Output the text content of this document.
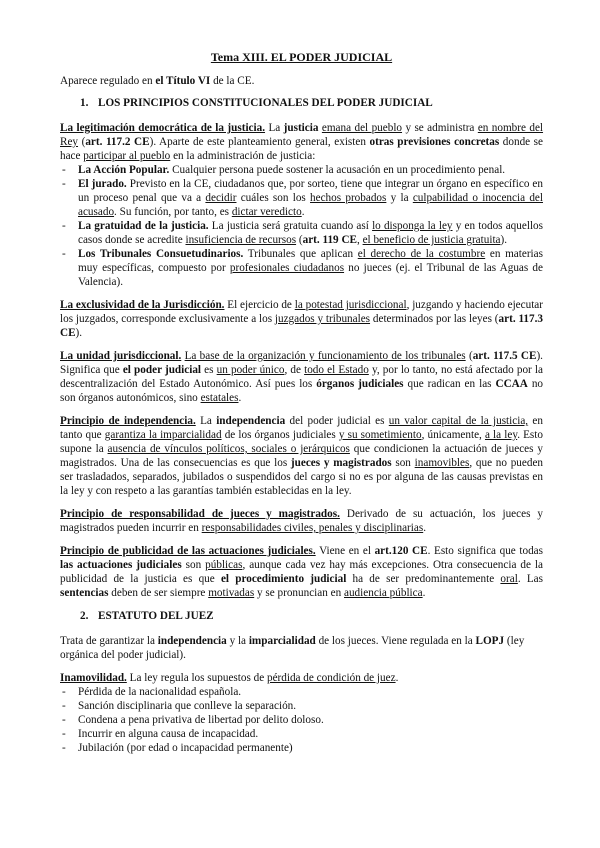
Tema XIII. EL PODER JUDICIAL

Aparece regulado en el Título VI de la CE.

1. LOS PRINCIPIOS CONSTITUCIONALES DEL PODER JUDICIAL

La legitimación democrática de la justicia. La justicia emana del pueblo y se administra en nombre del Rey (art. 117.2 CE). Aparte de este planteamiento general, existen otras previsiones concretas donde se hace participar al pueblo en la administración de justicia:

- La Acción Popular. Cualquier persona puede sostener la acusación en un procedimiento penal.
- El jurado. Previsto en la CE, ciudadanos que, por sorteo, tiene que integrar un órgano en específico en un proceso penal que va a decidir cuáles son los hechos probados y la culpabilidad o inocencia del acusado. Su función, por tanto, es dictar veredicto.
- La gratuidad de la justicia. La justicia será gratuita cuando así lo disponga la ley y en todos aquellos casos donde se acredite insuficiencia de recursos (art. 119 CE, el beneficio de justicia gratuita).
- Los Tribunales Consuetudinarios. Tribunales que aplican el derecho de la costumbre en materias muy específicas, compuesto por profesionales ciudadanos no jueces (ej. el Tribunal de las Aguas de Valencia).

La exclusividad de la Jurisdicción. El ejercicio de la potestad jurisdiccional, juzgando y haciendo ejecutar los juzgados, corresponde exclusivamente a los juzgados y tribunales determinados por las leyes (art. 117.3 CE).

La unidad jurisdiccional. La base de la organización y funcionamiento de los tribunales (art. 117.5 CE). Significa que el poder judicial es un poder único, de todo el Estado y, por lo tanto, no está afectado por la descentralización del Estado Autonómico. Así pues los órganos judiciales que radican en las CCAA no son órganos autonómicos, sino estatales.

Principio de independencia. La independencia del poder judicial es un valor capital de la justicia, en tanto que garantiza la imparcialidad de los órganos judiciales y su sometimiento, únicamente, a la ley. Esto supone la ausencia de vínculos políticos, sociales o jerárquicos que condicionen la actuación de jueces y magistrados. Una de las consecuencias es que los jueces y magistrados son inamovibles, que no pueden ser trasladados, separados, jubilados o suspendidos del cargo si no es por alguna de las causas previstas en la ley y con respeto a las garantías también establecidas en la ley.

Principio de responsabilidad de jueces y magistrados. Derivado de su actuación, los jueces y magistrados pueden incurrir en responsabilidades civiles, penales y disciplinarias.

Principio de publicidad de las actuaciones judiciales. Viene en el art.120 CE. Esto significa que todas las actuaciones judiciales son públicas, aunque cada vez hay más excepciones. Otra consecuencia de la publicidad de la justicia es que el procedimiento judicial ha de ser predominantemente oral. Las sentencias deben de ser siempre motivadas y se pronuncian en audiencia pública.

2. ESTATUTO DEL JUEZ

Trata de garantizar la independencia y la imparcialidad de los jueces. Viene regulada en la LOPJ (ley orgánica del poder judicial).

Inamovilidad. La ley regula los supuestos de pérdida de condición de juez.

- Pérdida de la nacionalidad española.
- Sanción disciplinaria que conlleve la separación.
- Condena a pena privativa de libertad por delito doloso.
- Incurrir en alguna causa de incapacidad.
- Jubilación (por edad o incapacidad permanente)
